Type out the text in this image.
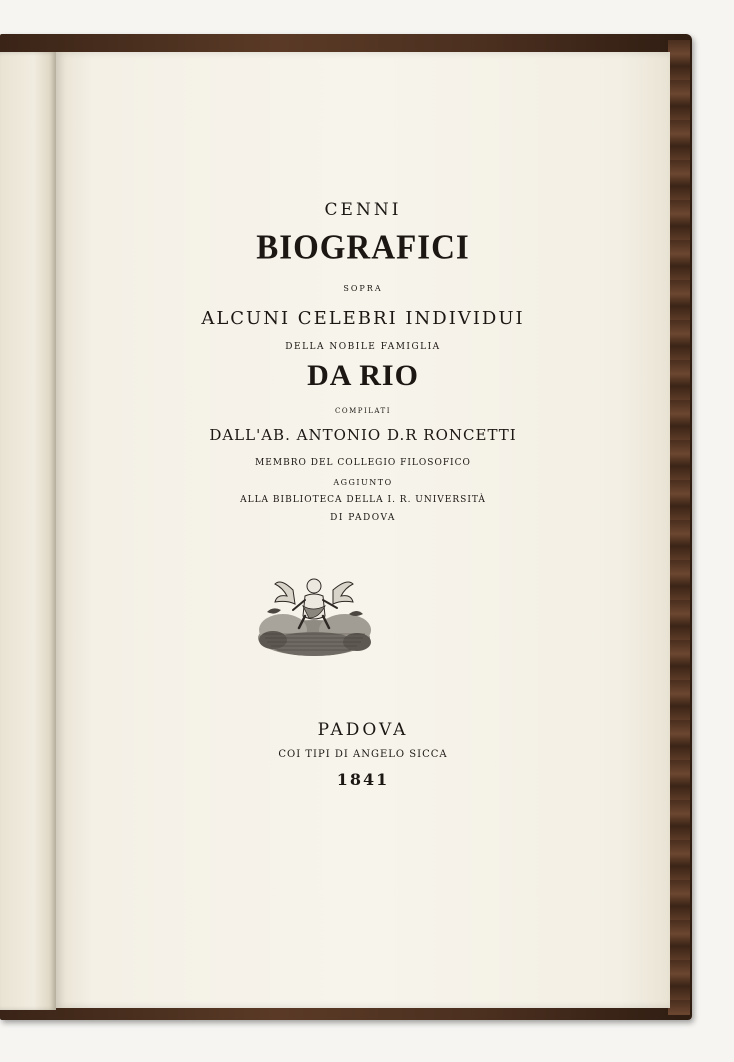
CENNI
BIOGRAFICI
SOPRA
ALCUNI CELEBRI INDIVIDUI
DELLA NOBILE FAMIGLIA
DA RIO
COMPILATI
DALL'AB. ANTONIO D.R RONCETTI
MEMBRO DEL COLLEGIO FILOSOFICO
AGGIUNTO
ALLA BIBLIOTECA DELLA I. R. UNIVERSITÀ
DI PADOVA
PADOVA
COI TIPI DI ANGELO SICCA
1841
